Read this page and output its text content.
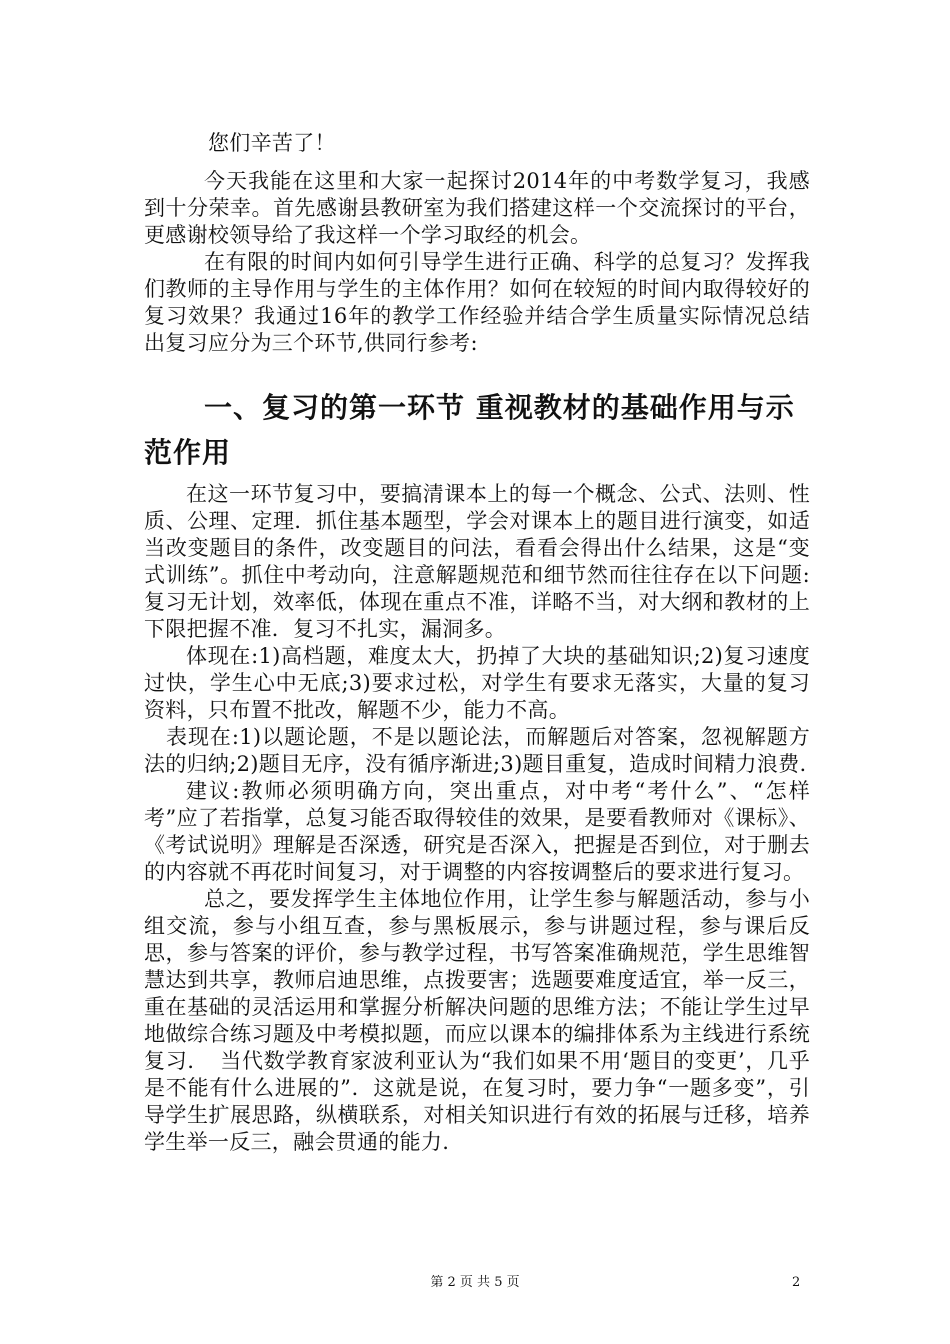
您们辛苦了！

今天我能在这里和大家一起探讨2014年的中考数学复习，我感到十分荣幸。首先感谢县教研室为我们搭建这样一个交流探讨的平台，更感谢校领导给了我这样一个学习取经的机会。

在有限的时间内如何引导学生进行正确、科学的总复习？发挥我们教师的主导作用与学生的主体作用？如何在较短的时间内取得较好的复习效果？我通过16年的教学工作经验并结合学生质量实际情况总结出复习应分为三个环节,供同行参考:

一、复习的第一环节 重视教材的基础作用与示范作用

在这一环节复习中，要搞清课本上的每一个概念、公式、法则、性质、公理、定理．抓住基本题型，学会对课本上的题目进行演变，如适当改变题目的条件，改变题目的问法，看看会得出什么结果，这是“变式训练”。抓住中考动向，注意解题规范和细节然而往往存在以下问题:复习无计划，效率低，体现在重点不准，详略不当，对大纲和教材的上下限把握不准．复习不扎实，漏洞多。

体现在:1)高档题，难度太大，扔掉了大块的基础知识;2)复习速度过快，学生心中无底;3)要求过松，对学生有要求无落实，大量的复习资料，只布置不批改，解题不少，能力不高。

表现在:1)以题论题，不是以题论法，而解题后对答案，忽视解题方法的归纳;2)题目无序，没有循序渐进;3)题目重复，造成时间精力浪费.

建议:教师必须明确方向，突出重点，对中考“考什么”、“怎样考”应了若指掌，总复习能否取得较佳的效果，是要看教师对《课标》、《考试说明》理解是否深透，研究是否深入，把握是否到位，对于删去的内容就不再花时间复习，对于调整的内容按调整后的要求进行复习。

总之，要发挥学生主体地位作用，让学生参与解题活动，参与小组交流，参与小组互查，参与黑板展示，参与讲题过程，参与课后反思，参与答案的评价，参与教学过程，书写答案准确规范，学生思维智慧达到共享，教师启迪思维，点拨要害；选题要难度适宜，举一反三，重在基础的灵活运用和掌握分析解决问题的思维方法；不能让学生过早地做综合练习题及中考模拟题，而应以课本的编排体系为主线进行系统复习．　当代数学教育家波利亚认为“我们如果不用‘题目的变更’，几乎是不能有什么进展的”．这就是说，在复习时，要力争“一题多变”，引导学生扩展思路，纵横联系，对相关知识进行有效的拓展与迁移，培养学生举一反三，融会贯通的能力.

第 2 页 共 5 页	2
